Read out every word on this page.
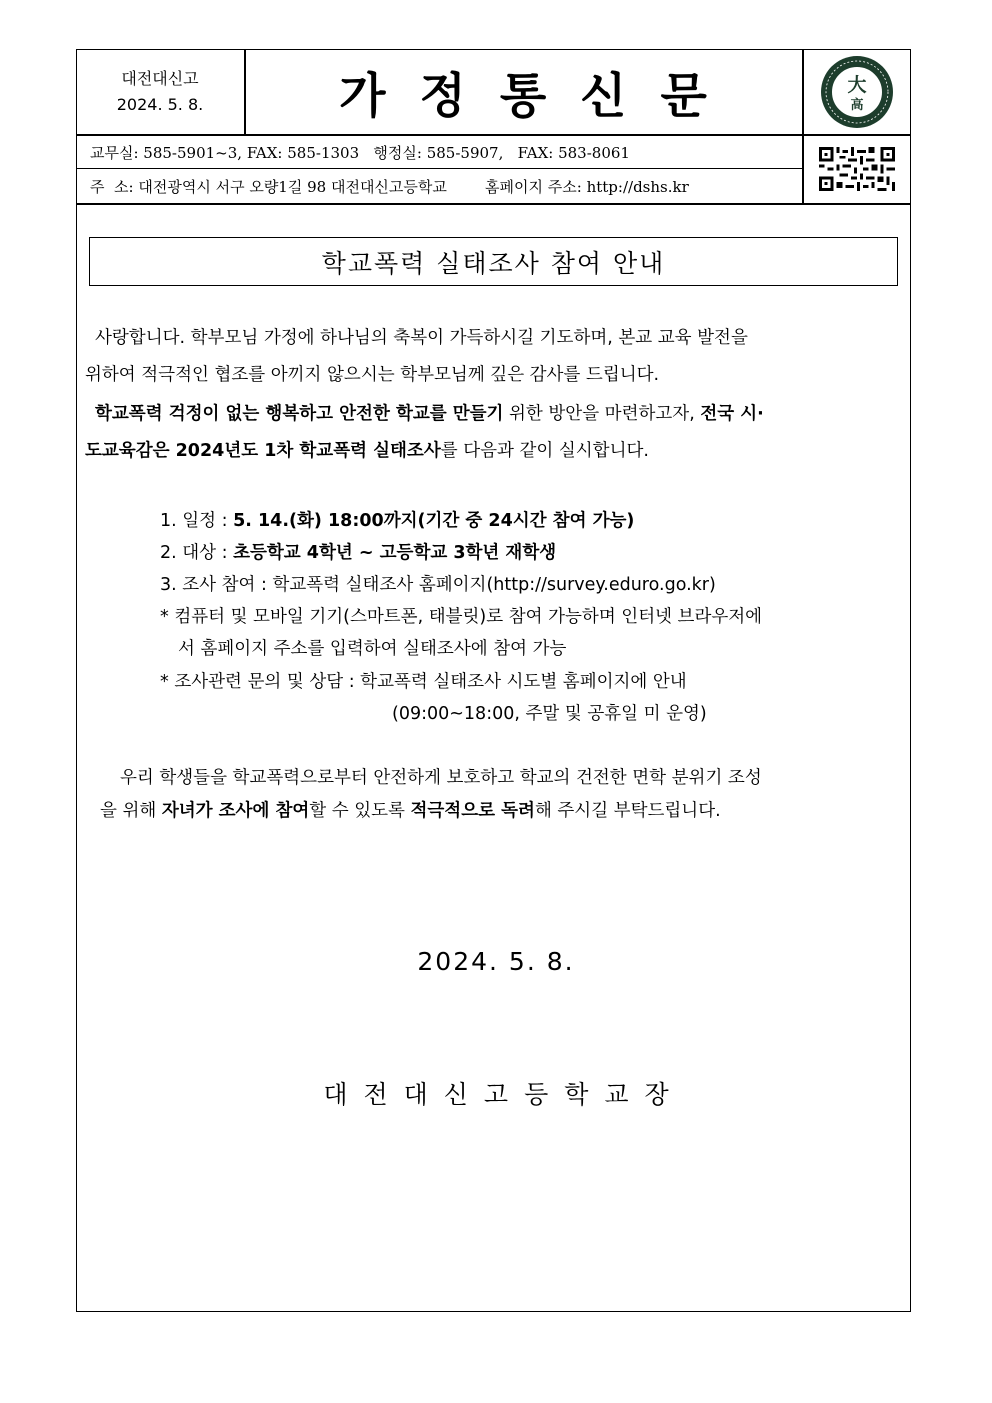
대전대신고
2024. 5. 8.	가정통신문	大
高
교무실: 585-5901~3, FAX: 585-1303   행정실: 585-5907,   FAX: 583-8061
주  소: 대전광역시 서구 오량1길 98 대전대신고등학교	홈페이지 주소: http://dshs.kr
학교폭력 실태조사 참여 안내
사랑합니다. 학부모님 가정에 하나님의 축복이 가득하시길 기도하며, 본교 교육 발전을
위하여 적극적인 협조를 아끼지 않으시는 학부모님께 깊은 감사를 드립니다.
학교폭력 걱정이 없는 행복하고 안전한 학교를 만들기 위한 방안을 마련하고자, 전국 시·
도교육감은 2024년도 1차 학교폭력 실태조사를 다음과 같이 실시합니다.
1. 일정 : 5. 14.(화) 18:00까지(기간 중 24시간 참여 가능)
2. 대상 : 초등학교 4학년 ~ 고등학교 3학년 재학생
3. 조사 참여 : 학교폭력 실태조사 홈페이지(http://survey.eduro.go.kr)
* 컴퓨터 및 모바일 기기(스마트폰, 태블릿)로 참여 가능하며 인터넷 브라우저에
서 홈페이지 주소를 입력하여 실태조사에 참여 가능
* 조사관련 문의 및 상담 : 학교폭력 실태조사 시도별 홈페이지에 안내
(09:00~18:00, 주말 및 공휴일 미 운영)
우리 학생들을 학교폭력으로부터 안전하게 보호하고 학교의 건전한 면학 분위기 조성
을 위해 자녀가 조사에 참여할 수 있도록 적극적으로 독려해 주시길 부탁드립니다.
2024. 5. 8.
대전대신고등학교장
